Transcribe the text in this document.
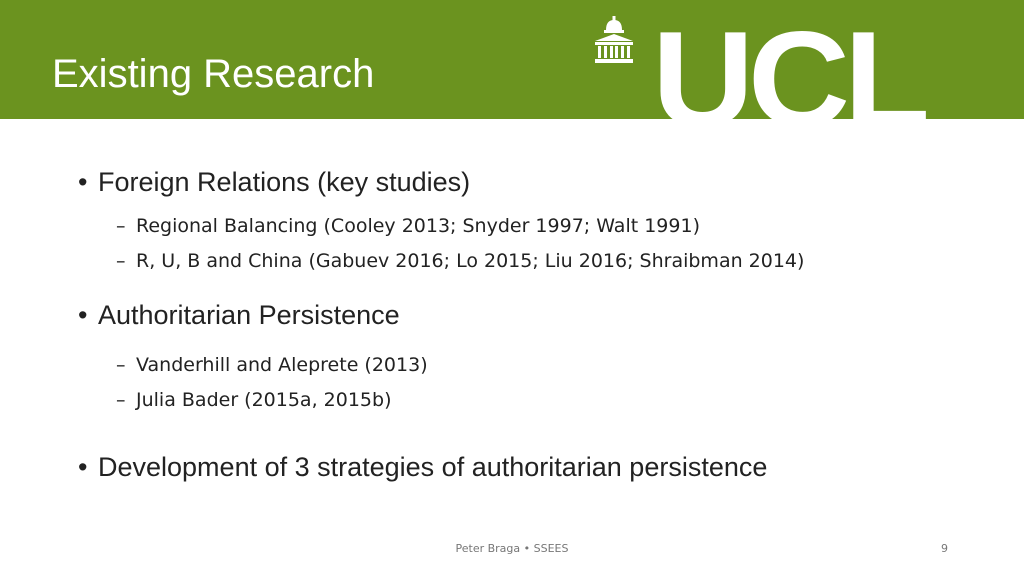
Existing Research UCL
• Foreign Relations (key studies)
– Regional Balancing (Cooley 2013; Snyder 1997; Walt 1991)
– R, U, B and China (Gabuev 2016; Lo 2015; Liu 2016; Shraibman 2014)
• Authoritarian Persistence
– Vanderhill and Aleprete (2013)
– Julia Bader (2015a, 2015b)
• Development of 3 strategies of authoritarian persistence
Peter Braga • SSEES	9
